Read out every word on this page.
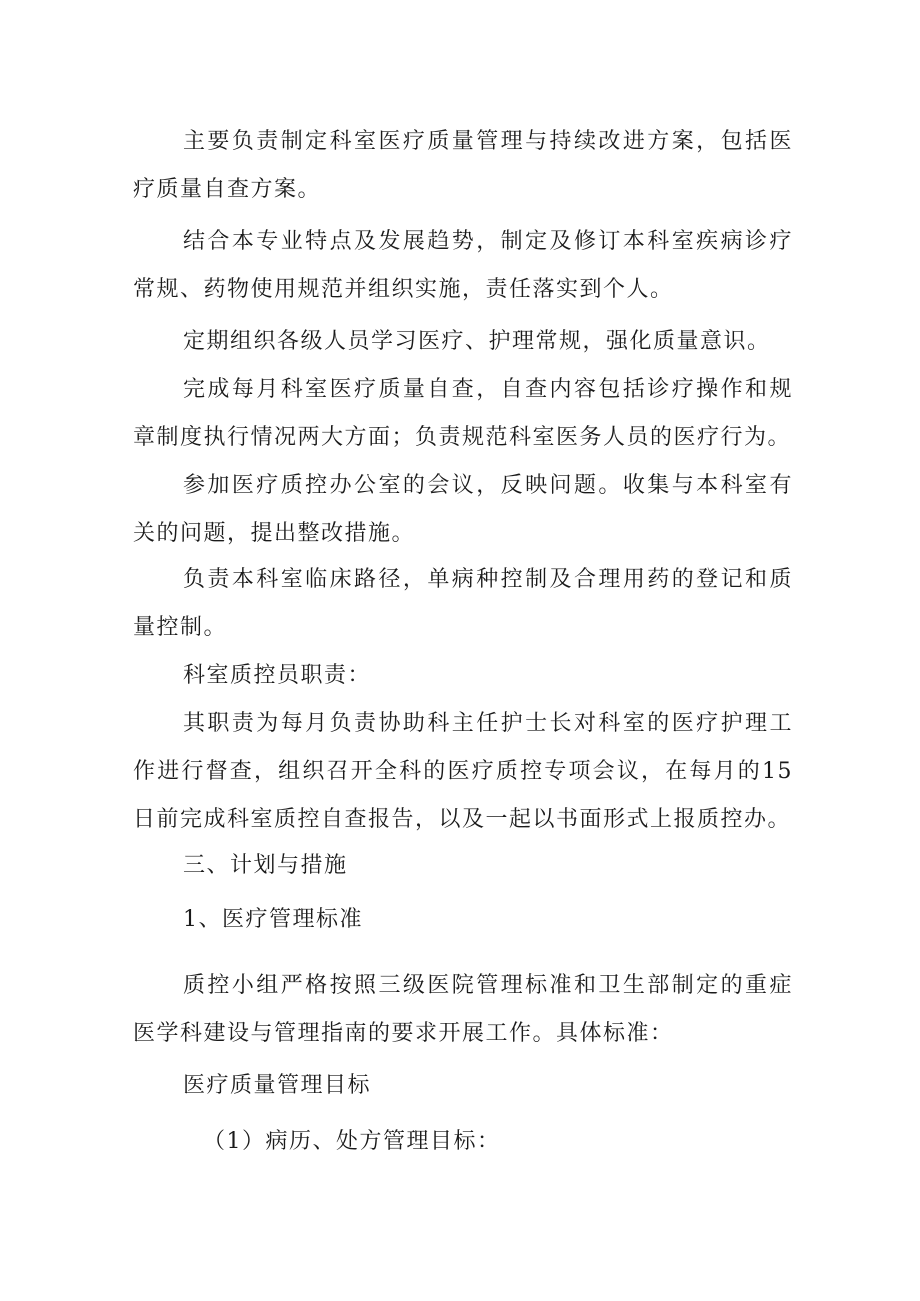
主要负责制定科室医疗质量管理与持续改进方案，包括医疗质量自查方案。

结合本专业特点及发展趋势，制定及修订本科室疾病诊疗常规、药物使用规范并组织实施，责任落实到个人。

定期组织各级人员学习医疗、护理常规，强化质量意识。

完成每月科室医疗质量自查，自查内容包括诊疗操作和规章制度执行情况两大方面；负责规范科室医务人员的医疗行为。

参加医疗质控办公室的会议，反映问题。收集与本科室有关的问题，提出整改措施。

负责本科室临床路径，单病种控制及合理用药的登记和质量控制。

科室质控员职责：

其职责为每月负责协助科主任护士长对科室的医疗护理工作进行督查，组织召开全科的医疗质控专项会议，在每月的15日前完成科室质控自查报告，以及一起以书面形式上报质控办。

三、计划与措施

1、医疗管理标准

质控小组严格按照三级医院管理标准和卫生部制定的重症医学科建设与管理指南的要求开展工作。具体标准：

医疗质量管理目标

（1）病历、处方管理目标：
